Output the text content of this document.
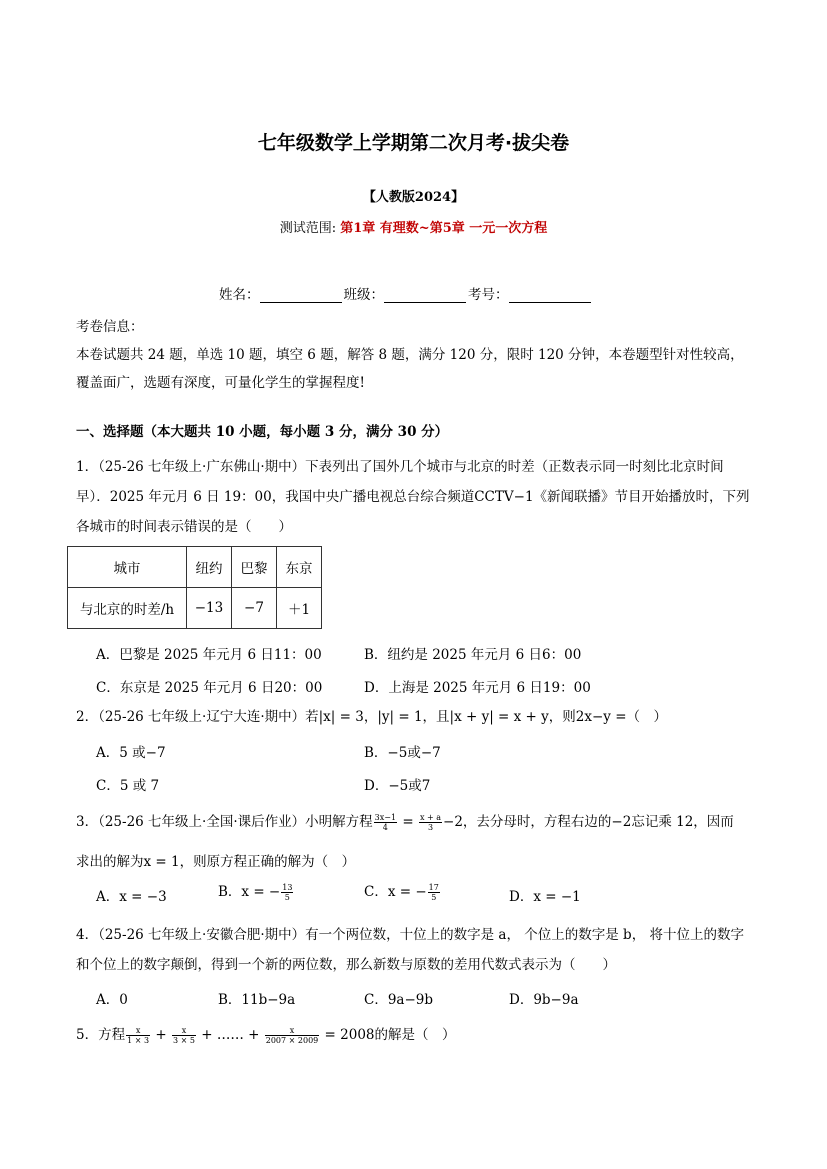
七年级数学上学期第二次月考·拔尖卷
【人教版2024】
测试范围: 第1章 有理数~第5章 一元一次方程
姓名：	班级：	考号：
考卷信息：
本卷试题共 24 题，单选 10 题，填空 6 题，解答 8 题，满分 120 分，限时 120 分钟，本卷题型针对性较高，覆盖面广，选题有深度，可量化学生的掌握程度!
一、选择题（本大题共 10 小题，每小题 3 分，满分 30 分）
1．（25-26 七年级上·广东佛山·期中）下表列出了国外几个城市与北京的时差（正数表示同一时刻比北京时间早）．2025 年元月 6 日 19：00，我国中央广播电视总台综合频道CCTV−1《新闻联播》节目开始播放时，下列各城市的时间表示错误的是（　　）
城市	纽约	巴黎	东京
与北京的时差/h	−13	−7	＋1
A．巴黎是 2025 年元月 6 日11：00	B．纽约是 2025 年元月 6 日6：00
C．东京是 2025 年元月 6 日20：00	D．上海是 2025 年元月 6 日19：00
2．（25-26 七年级上·辽宁大连·期中）若|x| = 3，|y| = 1，且|x + y| = x + y，则2x−y =（　）
A．5 或−7	B．−5或−7
C．5 或 7	D．−5或7
3．（25-26 七年级上·全国·课后作业）小明解方程 $\frac{3x-1}{4} = \frac{x + a}{3} -2$，去分母时，方程右边的−2忘记乘 12，因而
求出的解为x = 1，则原方程正确的解为（　）
A．x = −3	B．x = − $\frac{13}{5}$	C．x = − $\frac{17}{5}$	D．x = −1
4．（25-26 七年级上·安徽合肥·期中）有一个两位数，十位上的数字是 a， 个位上的数字是 b， 将十位上的数字和个位上的数字颠倒，得到一个新的两位数，那么新数与原数的差用代数式表示为（　　）
A．0	B．11b−9a	C．9a−9b	D．9b−9a
5．方程 $\frac{x}{1 \times 3} + \frac{x}{3 \times 5}$ + …… + $\frac{x}{2007 \times 2009} = 2008$的解是（　）
